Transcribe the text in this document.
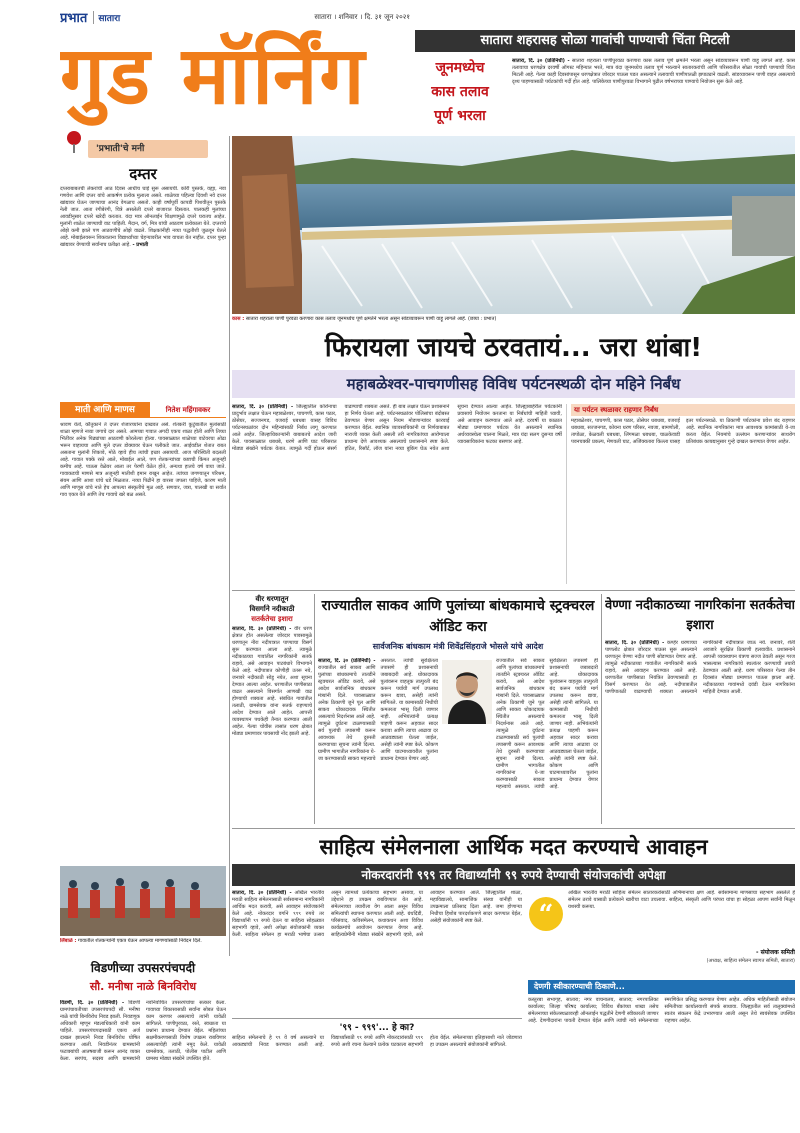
प्रभात	सातारा	सातारा । शनिवार । दि. ३१ जून २०२१
गुड मॉर्निंग	सातारा शहरासह सोळा गावांची पाण्याची चिंता मिटली
जूनमध्येच
कास तलाव
पूर्ण भरला
सातारा, दि. ३० (प्रतिनिधी) - सातारा शहराला पाणीपुरवठा करणारा कास तलाव पूर्ण क्षमतेने भरला असून सांडव्यावरून पाणी वाहू लागले आहे. कास तलावाचा धरणक्षेत्र दरवर्षी ऑगस्ट महिन्यात भरते, मात्र यंदा जूनमध्येच तलाव पूर्ण भरल्याने सातारकरांची आणि परिसरातील सोळा गावांची पाण्याची चिंता मिटली आहे. गेल्या काही दिवसांपासून धरणक्षेत्रात जोरदार पाऊस पडत असल्याने तलावाची पाणीपातळी झपाट्याने वाढली. सांडव्यावरून पाणी वाहत असल्याचे दृश्य पाहण्यासाठी पर्यटकांची गर्दी होत आहे. पालिकेच्या पाणीपुरवठा विभागाने पुढील वर्षभराच्या पाण्याचे नियोजन सुरू केले आहे.
कास : सातारा शहराला पाणी पुरवठा करणारा कास तलाव जूनमध्येच पूर्ण क्षमतेने भरला असून सांडव्यावरून पाणी वाहू लागले आहे. (छाया : प्रभात)
'प्रभाती'चे मनी
दम्तर
दप्तराबाबतची लेकरांची आठ दिवस आधीच घाई सुरू असायची. कोरी पुस्तके, वह्या, नवा गणवेश आणि दप्तर यांचे आकर्षण प्रत्येक मुलाला असते. शाळेच्या पहिल्या दिवशी नवे दप्तर खांद्यावर घेऊन जाण्याचा आनंद वेगळाच असतो. काही वर्षांपूर्वी कापडी पिशवीतून पुस्तके नेली जात. आता रंगीबेरंगी, चित्रे असलेली दप्तरे बाजारात दिसतात. पालकही मुलांच्या आवडीनुसार दप्तरे खरेदी करतात. यंदा मात्र ऑनलाईन शिक्षणामुळे दप्तरे घरातच आहेत. मुलांनी शाळेत जाण्याची वाट पाहिली. मैदान, वर्ग, मित्र यांची आठवण प्रत्येकाला येते. दप्तराचे ओझे कमी झाले पण आठवणींचे ओझे वाढले. शिक्षकांनीही नव्या पद्धतीशी जुळवून घेतले आहे. मोबाईलवरून शिकवताना विद्यार्थ्यांच्या चेहऱ्यावरील भाव वाचता येत नाहीत. दप्तर पुन्हा खांद्यावर येण्याची सर्वांनाच प्रतीक्षा आहे. - प्रभाती
माती आणि माणस	नितेश महिंगावकर
श्रावण येतो, कौतुकाने ते दप्तर शेजारच्यांना दाखवत असे. शेतकरी कुटुंबातील मुलांसाठी शाळा म्हणजे नव्या जगाचे दार असते. आमच्या गावात अगदी एकच शाळा होती आणि तिच्या भिंतींवर अनेक पिढ्यांच्या आठवणी कोरलेल्या होत्या. पावसाळ्यात शाळेच्या वाटेवरचा ओढा भरून वाहायचा आणि मुले दप्तर डोक्यावर घेऊन पलीकडे जात. आईवडील शेतात राबत असताना मुलांनी शिकावे, मोठे व्हावे हीच त्यांची इच्छा असायची. आज परिस्थिती बदलली आहे. गावात पक्के रस्ते आले, मोबाईल आले, पण शेतकऱ्यांच्या कष्टाची किंमत अजूनही कमीच आहे. पाऊस वेळेवर आला तर पेरणी वेळेत होते, अन्यथा हातचे वर्ष वाया जाते. गावाकडची माणसे मात्र अजूनही मातीशी इमान राखून आहेत. त्यांच्या जगण्यातून परिश्रम, संयम आणि आशा यांचे धडे मिळतात. नव्या पिढीने हा वारसा जपला पाहिजे, कारण माती आणि माणूस यांचे नाते हेच आपल्या संस्कृतीचे मूळ आहे. सणवार, जत्रा, पालखी या सर्वांत गाव एकत्र येते आणि तेच गावाचे खरे बळ असते.
लिंबाळे : गावातील शेतकऱ्यांनी एकत्र येऊन आपल्या मागण्यांसाठी निवेदन दिले.
फिरायला जायचे ठरवतायं... जरा थांबा!
महाबळेश्वर-पाचगणीसह विविध पर्यटनस्थळी दोन महिने निर्बंध
सातारा, दि. ३० (प्रतिनिधी) - जिल्ह्यातील कोरोनाचा प्रादुर्भाव लक्षात घेऊन महाबळेश्वर, पाचगणी, कास पठार, ठोसेघर, सज्जनगड, वजराई धबधबा यासह विविध पर्यटनस्थळांवर दोन महिन्यांसाठी निर्बंध लागू करण्यात आले आहेत. जिल्हाधिकाऱ्यांनी याबाबतचे आदेश जारी केले. पावसाळ्यात धबधबे, धरणे आणि घाट परिसरात मोठ्या संख्येने पर्यटक येतात. त्यामुळे गर्दी होऊन संसर्ग वाढण्याची शक्यता असते. ही बाब लक्षात घेऊन प्रशासनाने हा निर्णय घेतला आहे. पर्यटनस्थळांवर पोलिसांचा बंदोबस्त ठेवण्यात येणार असून नियम मोडणाऱ्यांवर कारवाई करण्यात येईल. स्थानिक व्यावसायिकांनी या निर्णयाबाबत नाराजी व्यक्त केली असली तरी नागरिकांच्या आरोग्याला प्राधान्य देणे आवश्यक असल्याचे प्रशासनाने स्पष्ट केले. हॉटेल, रिसॉर्ट, लॉज यांना नव्या बुकिंग घेऊ नयेत अशा सूचना देण्यात आल्या आहेत. जिल्ह्याबाहेरील पर्यटकांनी प्रवासाचे नियोजन करताना या निर्बंधांची माहिती घ्यावी, असे आवाहन करण्यात आले आहे. दरवर्षी या काळात मोठ्या प्रमाणावर पर्यटक येत असल्याने स्थानिक अर्थव्यवस्थेला चालना मिळते, मात्र यंदा सलग दुसऱ्या वर्षी व्यावसायिकांना फटका बसणार आहे.
या पर्यटन स्थळावर राहणार निर्बंध
महाबळेश्वर, पाचगणी, कास पठार, ठोसेघर धबधबा, वजराई धबधबा, सज्जनगड, कोयना धरण परिसर, नवजा, बामणोली, तापोळा, केळवली धबधबा, लिंगमळा धबधबा, चाळकेवाडी पवनचक्की प्रकल्प, मेणवली घाट, अजिंक्यतारा किल्ला यासह इतर पर्यटनस्थळे. या ठिकाणी पर्यटकांना प्रवेश बंद राहणार आहे. स्थानिक नागरिकांना मात्र आवश्यक कामांसाठी ये-जा करता येईल. नियमांचे उल्लंघन करणाऱ्यांवर साथरोग प्रतिबंधक कायद्यानुसार गुन्हे दाखल करण्यात येणार आहेत.
वीर धरणातून
विसर्गाने नदीकाठी
सतर्कतेचा इशारा
सातारा, दि. ३० (प्रतिनिधी) - वीर धरण क्षेत्रात होत असलेल्या जोरदार पावसामुळे धरणातून नीरा नदीपात्रात पाण्याचा विसर्ग सुरू करण्यात आला आहे. त्यामुळे नदीकाठच्या गावांतील नागरिकांनी सतर्क राहावे, असे आवाहन पाटबंधारे विभागाने केले आहे. नदीपात्रात कोणीही उतरू नये, जनावरे नदीकाठी सोडू नयेत, अशा सूचना देण्यात आल्या आहेत. धरणातील पाणीसाठा वाढत असल्याने विसर्गात आणखी वाढ होण्याची शक्यता आहे. संबंधित गावांतील तलाठी, ग्रामसेवक यांना सतर्क राहण्याचे आदेश देण्यात आले आहेत. आपत्ती व्यवस्थापन पथकेही तैनात करण्यात आली आहेत. गेल्या चोवीस तासांत धरण क्षेत्रात मोठ्या प्रमाणावर पावसाची नोंद झाली आहे.
राज्यातील साकव आणि पुलांच्या बांधकामाचे स्ट्रक्चरल ऑडिट करा
सार्वजनिक बांधकाम मंत्री शिवेंद्रसिंहराजे भोसले यांचे आदेश
सातारा, दि. ३० (प्रतिनिधी) - राज्यातील सर्व साकव आणि पुलांच्या बांधकामाचे तातडीने स्ट्रक्चरल ऑडिट करावे, असे आदेश सार्वजनिक बांधकाम मंत्र्यांनी दिले. पावसाळ्यात अनेक ठिकाणी जुने पूल आणि साकव धोकादायक स्थितीत असल्याचे निदर्शनास आले आहे. त्यामुळे दुर्घटना टाळण्यासाठी सर्व पुलांची तपासणी करून आवश्यक तेथे दुरुस्ती करण्याच्या सूचना त्यांनी दिल्या. ग्रामीण भागातील नागरिकांना ये-जा करण्यासाठी साकव महत्त्वाचे असतात. त्यांची सुरक्षितता तपासणे ही प्रशासनाची जबाबदारी आहे. धोकादायक पुलांवरून वाहतूक तात्पुरती बंद करून पर्यायी मार्ग उपलब्ध करून द्यावा, असेही त्यांनी सांगितले. या कामासाठी निधीची कमतरता भासू दिली जाणार नाही. अभियंत्यांनी प्रत्यक्ष पाहणी करून अहवाल सादर करावा आणि त्याचा आढावा दर आठवड्याला घेतला जाईल, असेही त्यांनी स्पष्ट केले. कोकण आणि घाटमाथ्यावरील पुलांना प्राधान्य देण्यात येणार आहे.
राज्यातील सर्व साकव आणि पुलांच्या बांधकामाचे तातडीने स्ट्रक्चरल ऑडिट करावे, असे आदेश सार्वजनिक बांधकाम मंत्र्यांनी दिले. पावसाळ्यात अनेक ठिकाणी जुने पूल आणि साकव धोकादायक स्थितीत असल्याचे निदर्शनास आले आहे. त्यामुळे दुर्घटना टाळण्यासाठी सर्व पुलांची तपासणी करून आवश्यक तेथे दुरुस्ती करण्याच्या सूचना त्यांनी दिल्या. ग्रामीण भागातील नागरिकांना ये-जा करण्यासाठी साकव महत्त्वाचे असतात. त्यांची सुरक्षितता तपासणे ही प्रशासनाची जबाबदारी आहे. धोकादायक पुलांवरून वाहतूक तात्पुरती बंद करून पर्यायी मार्ग उपलब्ध करून द्यावा, असेही त्यांनी सांगितले. या कामासाठी निधीची कमतरता भासू दिली जाणार नाही. अभियंत्यांनी प्रत्यक्ष पाहणी करून अहवाल सादर करावा आणि त्याचा आढावा दर आठवड्याला घेतला जाईल, असेही त्यांनी स्पष्ट केले. कोकण आणि घाटमाथ्यावरील पुलांना प्राधान्य देण्यात येणार आहे.
वेण्णा नदीकाठच्या नागरिकांना सतर्कतेचा इशारा
सातारा, दि. ३० (प्रतिनिधी) - कण्हेर धरणाच्या पाणलोट क्षेत्रात जोरदार पाऊस सुरू असल्याने धरणातून वेण्णा नदीत पाणी सोडण्यात येणार आहे. त्यामुळे नदीकाठच्या गावांतील नागरिकांनी सतर्क राहावे, असे आवाहन करण्यात आले आहे. धरणातील पाणीसाठा नियंत्रित ठेवण्यासाठी हा विसर्ग करण्यात येत आहे. नदीपात्रातील पाणीपातळी वाढण्याची शक्यता असल्याने नागरिकांनी नदीपात्रात जाऊ नये. जनावरे, शेती अवजारे सुरक्षित ठिकाणी हलवावीत. प्रशासनाने आपत्ती व्यवस्थापन यंत्रणा सज्ज ठेवली असून गरज भासल्यास नागरिकांचे स्थलांतर करण्याची तयारी ठेवण्यात आली आहे. धरण परिसरात गेल्या तीन दिवसांत मोठ्या प्रमाणात पाऊस झाला आहे. नदीकाठच्या गावांमध्ये दवंडी देऊन नागरिकांना माहिती देण्यात आली.
साहित्य संमेलनाला आर्थिक मदत करण्याचे आवाहन
नोकरदारांनी ९९९ तर विद्यार्थ्यांनी ९९ रुपये देण्याची संयोजकांची अपेक्षा
सातारा, दि. ३० (प्रतिनिधी) - अखिल भारतीय मराठी साहित्य संमेलनासाठी सर्वसामान्य नागरिकांनी आर्थिक मदत करावी, असे आवाहन संयोजकांनी केले आहे. नोकरदार वर्गाने ९९९ रुपये तर विद्यार्थ्यांनी ९९ रुपये देऊन या साहित्य सोहळ्यात सहभागी व्हावे, अशी अपेक्षा संयोजकांनी व्यक्त केली. साहित्य संमेलन हा मराठी भाषेचा उत्सव असून त्यामध्ये प्रत्येकाचा सहभाग असावा, या उद्देशाने हा उपक्रम राबविण्यात येत आहे. संमेलनाच्या तयारीला वेग आला असून विविध समित्यांची स्थापना करण्यात आली आहे. ग्रंथदिंडी, परिसंवाद, कविसंमेलन, कथाकथन अशा विविध कार्यक्रमांचे आयोजन करण्यात येणार आहे. साहित्यप्रेमींनी मोठ्या संख्येने सहभागी व्हावे, असे आवाहन करण्यात आले. जिल्ह्यातील शाळा, महाविद्यालये, सामाजिक संस्था यांनीही या उपक्रमाला प्रतिसाद दिला आहे. जमा होणाऱ्या निधीचा हिशोब पारदर्शकपणे सादर करण्यात येईल, असेही संयोजकांनी स्पष्ट केले.	“
अखिल भारतीय मराठी साहित्य संमेलन सातारकरांसाठी अभिमानाचा क्षण आहे. सर्वसामान्य माणसाचा सहभाग असलेले हे संमेलन ठरावे यासाठी प्रत्येकाने खारीचा वाटा उचलावा. साहित्य, संस्कृती आणि परंपरा यांचा हा सोहळा आपण सर्वांनी मिळून यशस्वी करूया.
- संयोजक समिती
(अध्यक्ष, साहित्य संमेलन स्वागत समिती, सातारा)
'९९ - ९९९'... हे का?
साहित्य संमेलनाचे हे ९९ वे वर्ष असल्याने या आकड्यांची निवड करण्यात आली आहे. विद्यार्थ्यांसाठी ९९ रुपये आणि नोकरदारांसाठी ९९९ रुपये अशी रचना केल्याने प्रत्येक घटकाला सहभागी होता येईल. संमेलनाच्या इतिहासाशी नाते जोडणारा हा उपक्रम असल्याचे संयोजकांनी सांगितले.
देणगी स्वीकारण्याची ठिकाणे...
कस्तुरबा सभागृह, सातारा; नगर वाचनालय, सातारा; नगरपालिका कार्यालय; जिल्हा परिषद कार्यालय; विविध बँकांच्या शाखा तसेच संमेलनाच्या संकेतस्थळावरही ऑनलाईन पद्धतीने देणगी स्वीकारली जाणार आहे. देणगीदारांना पावती देण्यात येईल आणि त्यांची नावे संमेलनाच्या स्मरणिकेत प्रसिद्ध करण्यात येणार आहेत. अधिक माहितीसाठी संयोजन समितीच्या कार्यालयाशी संपर्क साधावा. जिल्ह्यातील सर्व तालुक्यांमध्ये स्वतंत्र संकलन केंद्रे उभारण्यात आली असून तेथे स्वयंसेवक उपस्थित राहणार आहेत.
विडणीच्या उपसरपंचपदी
सौ. मनीषा नाळे बिनविरोध
विडणी, दि. ३० (प्रतिनिधी) - विडणी ग्रामपंचायतीच्या उपसरपंचपदी सौ. मनीषा नाळे यांची बिनविरोध निवड झाली. निवडणूक अधिकारी म्हणून मंडलाधिकारी यांनी काम पाहिले. उपसरपंचपदासाठी एकच अर्ज दाखल झाल्याने निवड बिनविरोध घोषित करण्यात आली. निवडीनंतर ग्रामस्थांनी फटाक्यांची आतषबाजी करून आनंद व्यक्त केला. सरपंच, सदस्य आणि ग्रामस्थांनी नवनिर्वाचित उपसरपंचांचा सत्कार केला. गावाच्या विकासासाठी सर्वांना सोबत घेऊन काम करणार असल्याचे त्यांनी यावेळी सांगितले. पाणीपुरवठा, रस्ते, स्वच्छता या प्रश्नांना प्राधान्य देण्यात येईल. महिलांच्या सक्षमीकरणासाठी विशेष उपक्रम राबविणार असल्याचेही त्यांनी नमूद केले. यावेळी ग्रामसेवक, तलाठी, पोलीस पाटील आणि ग्रामस्थ मोठ्या संख्येने उपस्थित होते.
